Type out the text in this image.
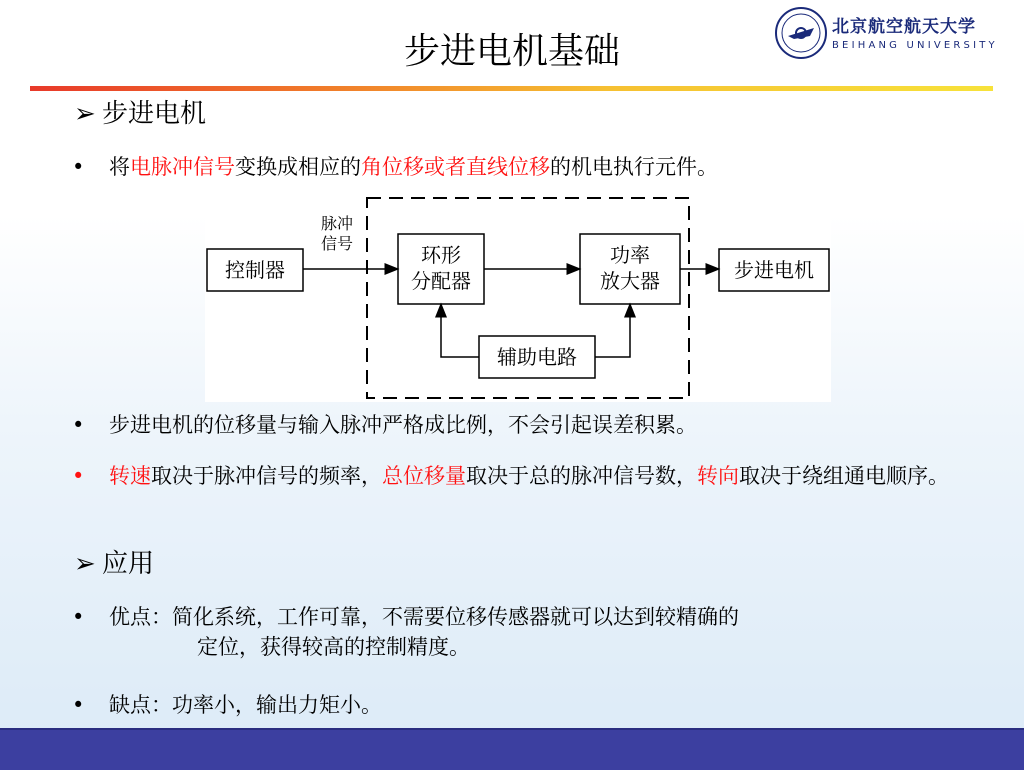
步进电机基础
北京航空航天大学
BEIHANG UNIVERSITY
➢ 步进电机
• 将电脉冲信号变换成相应的角位移或者直线位移的机电执行元件。
控制器
脉冲
信号	环形
分配器
功率
放大器	步进电机
辅助电路
• 步进电机的位移量与输入脉冲严格成比例，不会引起误差积累。
• 转速取决于脉冲信号的频率，总位移量取决于总的脉冲信号数，转向取决于绕组通电顺序。
➢ 应用
• 优点：简化系统，工作可靠，不需要位移传感器就可以达到较精确的
定位，获得较高的控制精度。
• 缺点：功率小，输出力矩小。
